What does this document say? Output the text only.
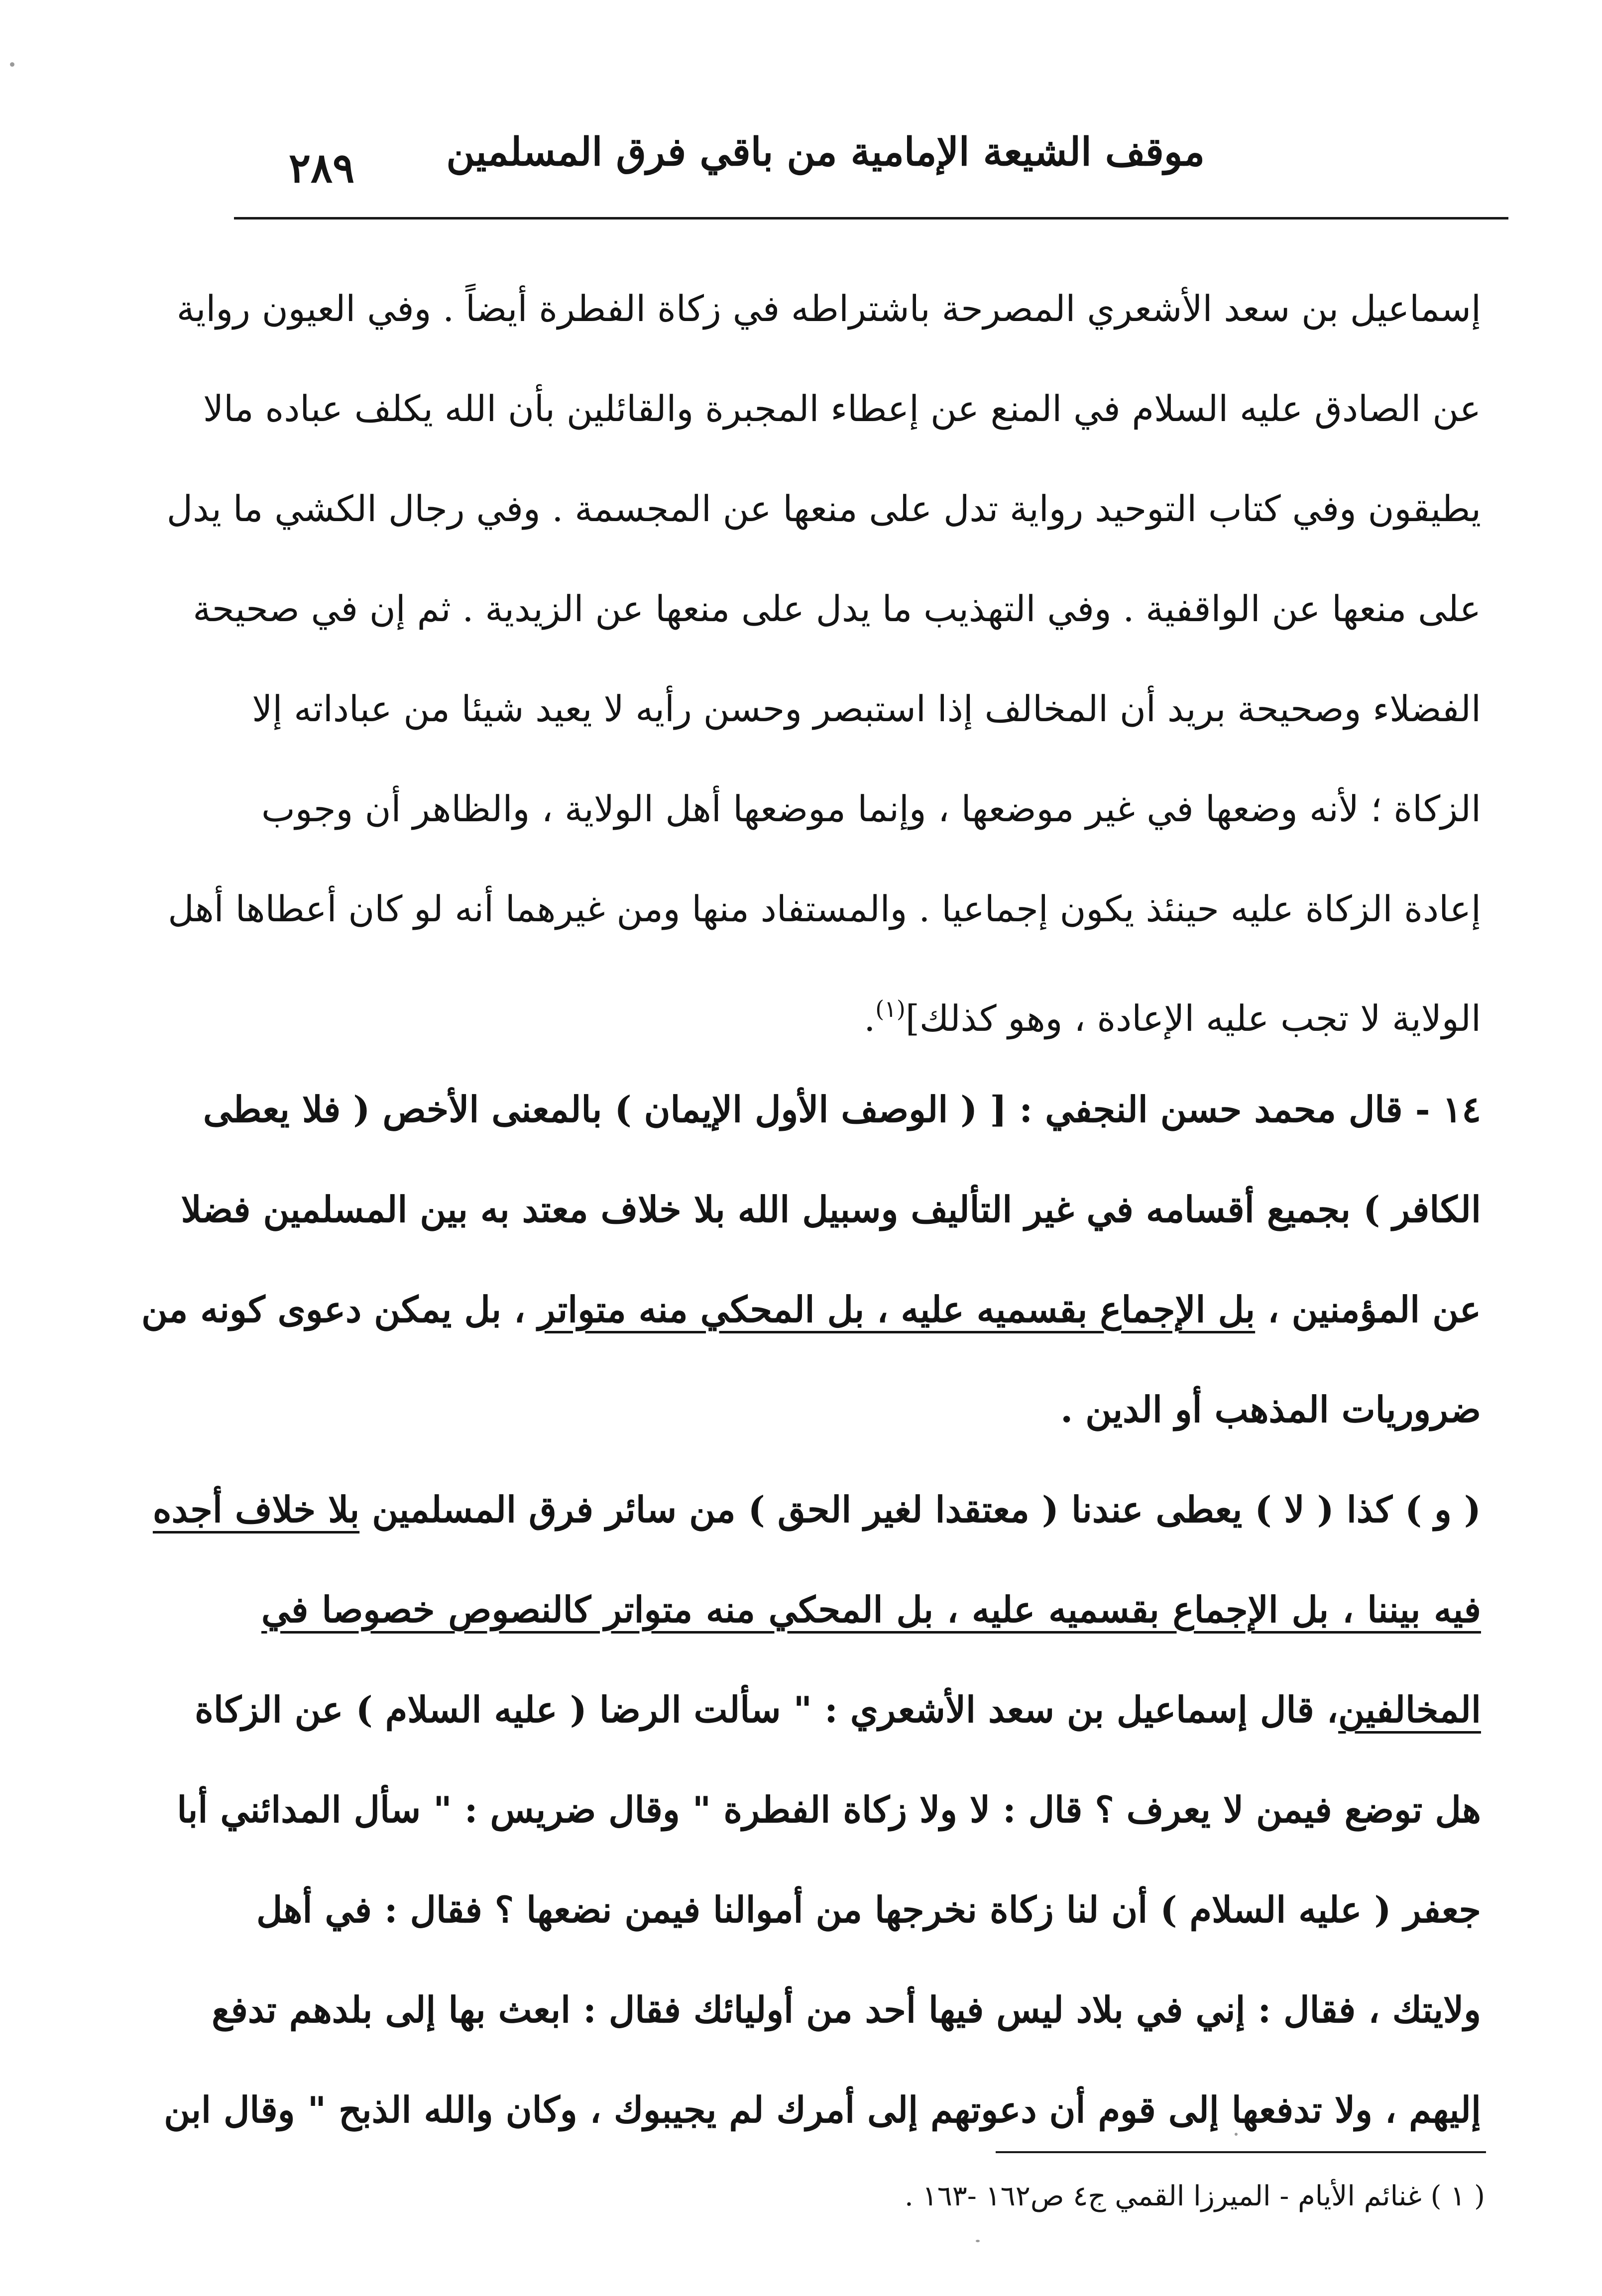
موقف الشيعة الإمامية من باقي فرق المسلمين
٢٨٩
إسماعيل بن سعد الأشعري المصرحة باشتراطه في زكاة الفطرة أيضاً . وفي العيون رواية
عن الصادق عليه السلام في المنع عن إعطاء المجبرة والقائلين بأن الله يكلف عباده مالا
يطيقون وفي كتاب التوحيد رواية تدل على منعها عن المجسمة . وفي رجال الكشي ما يدل
على منعها عن الواقفية . وفي التهذيب ما يدل على منعها عن الزيدية . ثم إن في صحيحة
الفضلاء وصحيحة بريد أن المخالف إذا استبصر وحسن رأيه لا يعيد شيئا من عباداته إلا
الزكاة ؛ لأنه وضعها في غير موضعها ، وإنما موضعها أهل الولاية ، والظاهر أن وجوب
إعادة الزكاة عليه حينئذ يكون إجماعيا . والمستفاد منها ومن غيرهما أنه لو كان أعطاها أهل
الولاية لا تجب عليه الإعادة ، وهو كذلك]$^{(١)}$.
١٤ - قال محمد حسن النجفي : [ ( الوصف الأول الإيمان ) بالمعنى الأخص ( فلا يعطى
الكافر ) بجميع أقسامه في غير التأليف وسبيل الله بلا خلاف معتد به بين المسلمين فضلا
عن المؤمنين ، بل الإجماع بقسميه عليه ، بل المحكي منه متواتر ، بل يمكن دعوى كونه من
ضروريات المذهب أو الدين .
( و ) كذا ( لا ) يعطى عندنا ( معتقدا لغير الحق ) من سائر فرق المسلمين بلا خلاف أجده
فيه بيننا ، بل الإجماع بقسميه عليه ، بل المحكي منه متواتر كالنصوص خصوصا في
المخالفين، قال إسماعيل بن سعد الأشعري : " سألت الرضا ( عليه السلام ) عن الزكاة
هل توضع فيمن لا يعرف ؟ قال : لا ولا زكاة الفطرة " وقال ضريس : " سأل المدائني أبا
جعفر ( عليه السلام ) أن لنا زكاة نخرجها من أموالنا فيمن نضعها ؟ فقال : في أهل
ولايتك ، فقال : إني في بلاد ليس فيها أحد من أوليائك فقال : ابعث بها إلى بلدهم تدفع
إليهم ، ولا تدفعها إلى قوم أن دعوتهم إلى أمرك لم يجيبوك ، وكان والله الذبح " وقال ابن
( ١ ) غنائم الأيام - الميرزا القمي ج٤ ص١٦٢ -١٦٣ .
